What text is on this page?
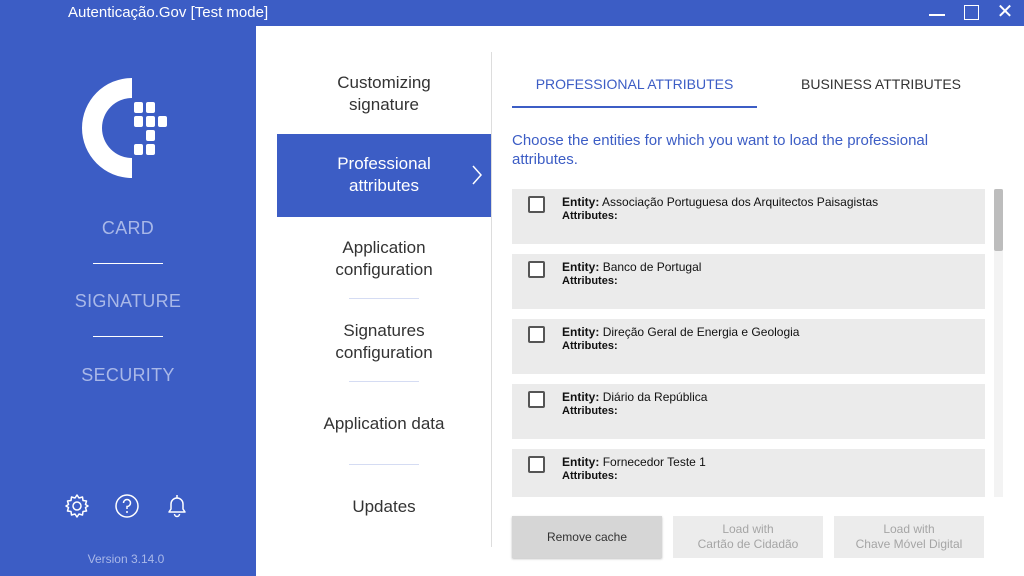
Autenticação.Gov [Test mode]	✕
CARD
SIGNATURE
SECURITY
Version 3.14.0
Customizing
signature
Professional
attributes
Application
configuration
Signatures
configuration
Application data
Updates
PROFESSIONAL ATTRIBUTES	BUSINESS ATTRIBUTES
Choose the entities for which you want to load the professional attributes.
Entity: Associação Portuguesa dos Arquitectos Paisagistas
Attributes:
Entity: Banco de Portugal
Attributes:
Entity: Direção Geral de Energia e Geologia
Attributes:
Entity: Diário da República
Attributes:
Entity: Fornecedor Teste 1
Attributes:
Remove cache
Load with
Cartão de Cidadão
Load with
Chave Móvel Digital
